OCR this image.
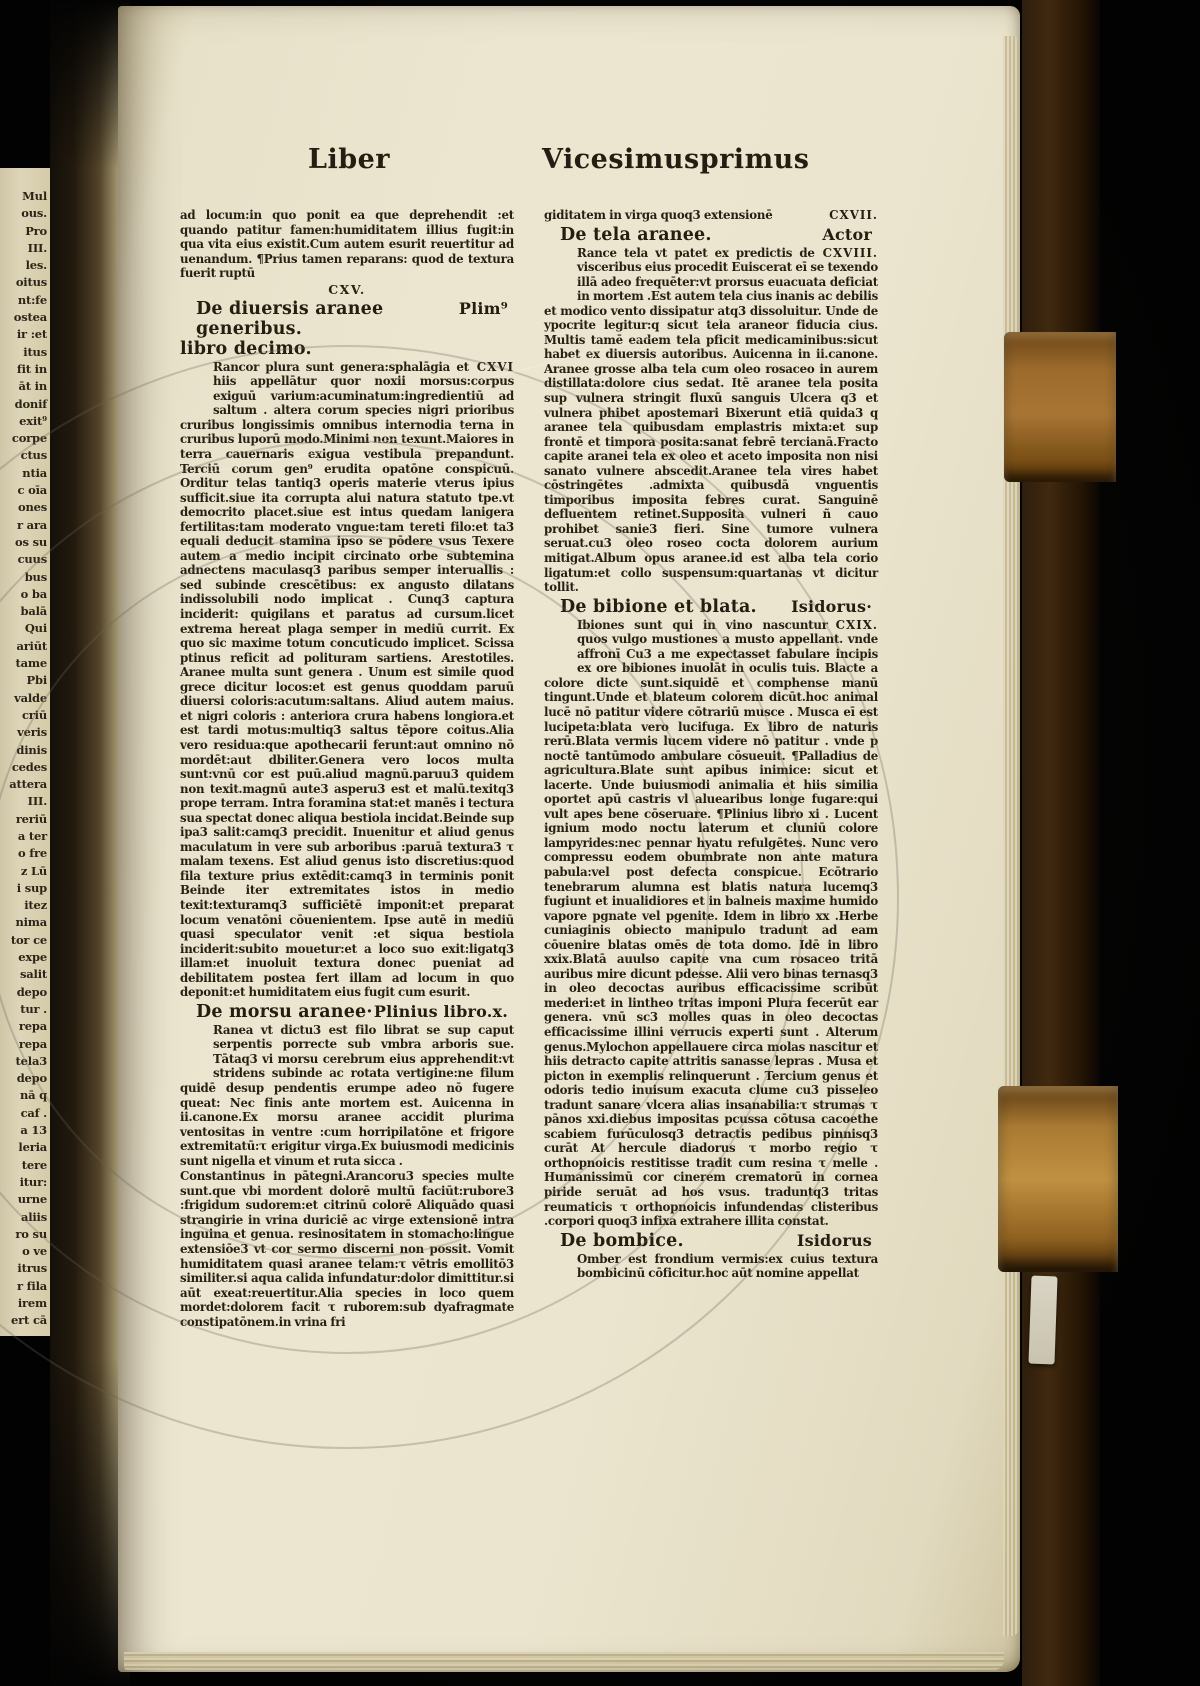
Mul
ous.
Pro
III.
les.
oitus
nt:fe
ostea
ir :et
itus
fit in
āt in
donif
exit⁹
corpe
ctus
ntia
c oīa
ones
r ara
os su
cuus
bus
o ba
balā
Qui
ariūt
tame
Pbi
valde
criū
veris
dinis
cedes
attera
III.
reriū
a ter
o fre
z Lū
i sup
itez
nima
tor ce
expe
salit
depo
tur .
repa
repa
tela3
depo
nā q
caf .
a 13
leria
tere
itur:
urne
aliis
ro su
o ve
itrus
r fila
irem
ert cā
Liber	Vicesimusprimus

ad locum:in quo ponit ea que deprehendit :et quando patitur famen:humiditatem illius fugit:in qua vita eius existit.Cum autem esurit reuertitur ad uenandum. ¶Prius tamen reparans: quod de textura fuerit ruptū

CXV.
De diuersis aranee generibus.
Plim⁹
libro decimo.

CXVI
Rancor plura sunt genera:sphalāgia et hiis appellātur quor noxii morsus:corpus exiguū varium:acuminatum:ingredientiū ad saltum . altera corum species nigri prioribus cruribus longissimis omnibus internodia terna in cruribus luporū modo.Minimi non texunt.Maiores in terra cauernaris exigua vestibula prepandunt. Terciū corum gen⁹ erudita opatōne conspicuū. Orditur telas tantiq3 operis materie vterus ipius sufficit.siue ita corrupta alui natura statuto tpe.vt democrito placet.siue est intus quedam lanigera fertilitas:tam moderato vngue:tam tereti filo:et ta3 equali deducit stamina ipso se pōdere vsus Texere autem a medio incipit circinato orbe subtemina adnectens maculasq3 paribus semper interuallis : sed subinde crescētibus: ex angusto dilatans indissolubili nodo implicat . Cunq3 captura inciderit: quigilans et paratus ad cursum.licet extrema hereat plaga semper in mediū currit. Ex quo sic maxime totum concuticudo implicet. Scissa ptinus reficit ad polituram sartiens. Arestotiles. Aranee multa sunt genera . Unum est simile quod grece dicitur locos:et est genus quoddam paruū diuersi coloris:acutum:saltans. Aliud autem maius. et nigri coloris : anteriora crura habens longiora.et est tardi motus:multiq3 saltus tēpore coitus.Alia vero residua:que apothecarii ferunt:aut omnino nō mordēt:aut dbiliter.Genera vero locos multa sunt:vnū cor est puū.aliud magnū.paruu3 quidem non texit.magnū aute3 asperu3 est et malū.texitq3 prope terram. Intra foramina stat:et manēs i tectura sua spectat donec aliqua bestiola incidat.Beinde sup ipa3 salit:camq3 precidit. Inuenitur et aliud genus maculatum in vere sub arboribus :paruā textura3 τ malam texens. Est aliud genus isto discretius:quod fila texture prius extēdit:camq3 in terminis ponit Beinde iter extremitates istos in medio texit:texturamq3 sufficiētē imponit:et preparat locum venatōni cōuenientem. Ipse autē in mediū quasi speculator venit :et siqua bestiola inciderit:subito mouetur:et a loco suo exit:ligatq3 illam:et inuoluit textura donec pueniat ad debilitatem postea fert illam ad locum in quo deponit:et humiditatem eius fugit cum esurit.

De morsu aranee· Plinius libro.x.

Ranea vt dictu3 est filo librat se sup caput serpentis porrecte sub vmbra arboris sue. Tātaq3 vi morsu cerebrum eius apprehendit:vt stridens subinde ac rotata vertigine:ne filum quidē desup pendentis erumpe adeo nō fugere queat: Nec finis ante mortem est. Auicenna in ii.canone.Ex morsu aranee accidit plurima ventositas in ventre :cum horripilatōne et frigore extremitatū:τ erigitur virga.Ex buiusmodi medicinis sunt nigella et vinum et ruta sicca .

Constantinus in pātegni.Arancoru3 species multe sunt.que vbi mordent dolorē multū faciūt:rubore3 :frigidum sudorem:et citrinū colorē Aliquādo quasi strangirie in vrina duriciē ac virge extensionē intra inguina et genua. resinositatem in stomacho:lingue extensiōe3 vt cor sermo discerni non possit. Vomit humiditatem quasi aranee telam:τ vētris emollitō3 similiter.si aqua calida infundatur:dolor dimittitur.si aūt exeat:reuertitur.Alia species in loco quem mordet:dolorem facit τ ruborem:sub dyafragmate constipatōnem.in vrina fri

CXVII.
giditatem in virga quoq3 extensionē

De tela aranee.	Actor

CXVIII.
Rance tela vt patet ex predictis de visceribus eius procedit Euiscerat eī se texendo illā adeo frequēter:vt prorsus euacuata deficiat in mortem .Est autem tela cius inanis ac debilis et modico vento dissipatur atq3 dissoluitur. Unde de ypocrite legitur:q sicut tela araneor fiducia cius. Multis tamē eadem tela pficit medicaminibus:sicut habet ex diuersis autoribus. Auicenna in ii.canone. Aranee grosse alba tela cum oleo rosaceo in aurem distillata:dolore cius sedat. Itē aranee tela posita sup vulnera stringit fluxū sanguis Ulcera q3 et vulnera phibet apostemari Bixerunt etiā quida3 q aranee tela quibusdam emplastris mixta:et sup frontē et timpora posita:sanat febrē tercianā.Fracto capite aranei tela ex oleo et aceto imposita non nisi sanato vulnere abscedit.Aranee tela vires habet cōstringētes .admixta quibusdā vnguentis timporibus imposita febres curat. Sanguinē defluentem retinet.Supposita vulneri ñ cauo prohibet sanie3 fieri. Sine tumore vulnera seruat.cu3 oleo roseo cocta dolorem aurium mitigat.Album opus aranee.id est alba tela corio ligatum:et collo suspensum:quartanas vt dicitur tollit.

De bibione et blata. Isidorus·

CXIX.
Ibiones sunt qui in vino nascuntur quos vulgo mustiones a musto appellant. vnde affronī Cu3 a me expectasset fabulare incipis ex ore bibiones inuolāt in oculis tuis. Blacte a colore dicte sunt.siquidē et comphense manū tingunt.Unde et blateum colorem dicūt.hoc animal lucē nō patitur videre cōtrariū musce . Musca eī est lucipeta:blata vero lucifuga. Ex libro de naturis rerū.Blata vermis lucem videre nō patitur . vnde p noctē tantūmodo ambulare cōsueuit. ¶Palladius de agricultura.Blate sunt apibus inimice: sicut et lacerte. Unde buiusmodi animalia et hiis similia oportet apū castris vl aluearibus longe fugare:qui vult apes bene cōseruare. ¶Plinius libro xi . Lucent ignium modo noctu laterum et cluniū colore lampyrides:nec pennar hyatu refulgētes. Nunc vero compressu eodem obumbrate non ante matura pabula:vel post defecta conspicue. Ecōtrario tenebrarum alumna est blatis natura lucemq3 fugiunt et inualidiores et in balneis maxime humido vapore pgnate vel pgenite. Idem in libro xx .Herbe cuniaginis obiecto manipulo tradunt ad eam cōuenire blatas omēs de tota domo. Idē in libro xxix.Blatā auulso capite vna cum rosaceo tritā auribus mire dicunt pdesse. Alii vero binas ternasq3 in oleo decoctas auribus efficacissime scribūt mederi:et in lintheo tritas imponi Plura fecerūt ear genera. vnū sc3 molles quas in oleo decoctas efficacissime illini verrucis experti sunt . Alterum genus.Mylochon appellauere circa molas nascitur et hiis detracto capite attritis sanasse lepras . Musa et picton in exemplis relinquerunt . Tercium genus et odoris tedio inuisum exacuta clume cu3 pisseleo tradunt sanare vlcera alias insanabilia:τ strumas τ pānos xxi.diebus impositas pcussa cōtusa cacoethe scabiem furūculosq3 detractis pedibus pinnisq3 curāt At hercule diadorus τ morbo regio τ orthopnoicis restitisse tradit cum resina τ melle . Humanissimū cor cinerem crematorū in cornea piride seruāt ad hos vsus. traduntq3 tritas reumaticis τ orthopnoicis infundendas clisteribus .corpori quoq3 infixa extrahere illita constat.

De bombice.	Isidorus

Omber est frondium vermis:ex cuius textura bombicinū cōficitur.hoc aūt nomine appellat
